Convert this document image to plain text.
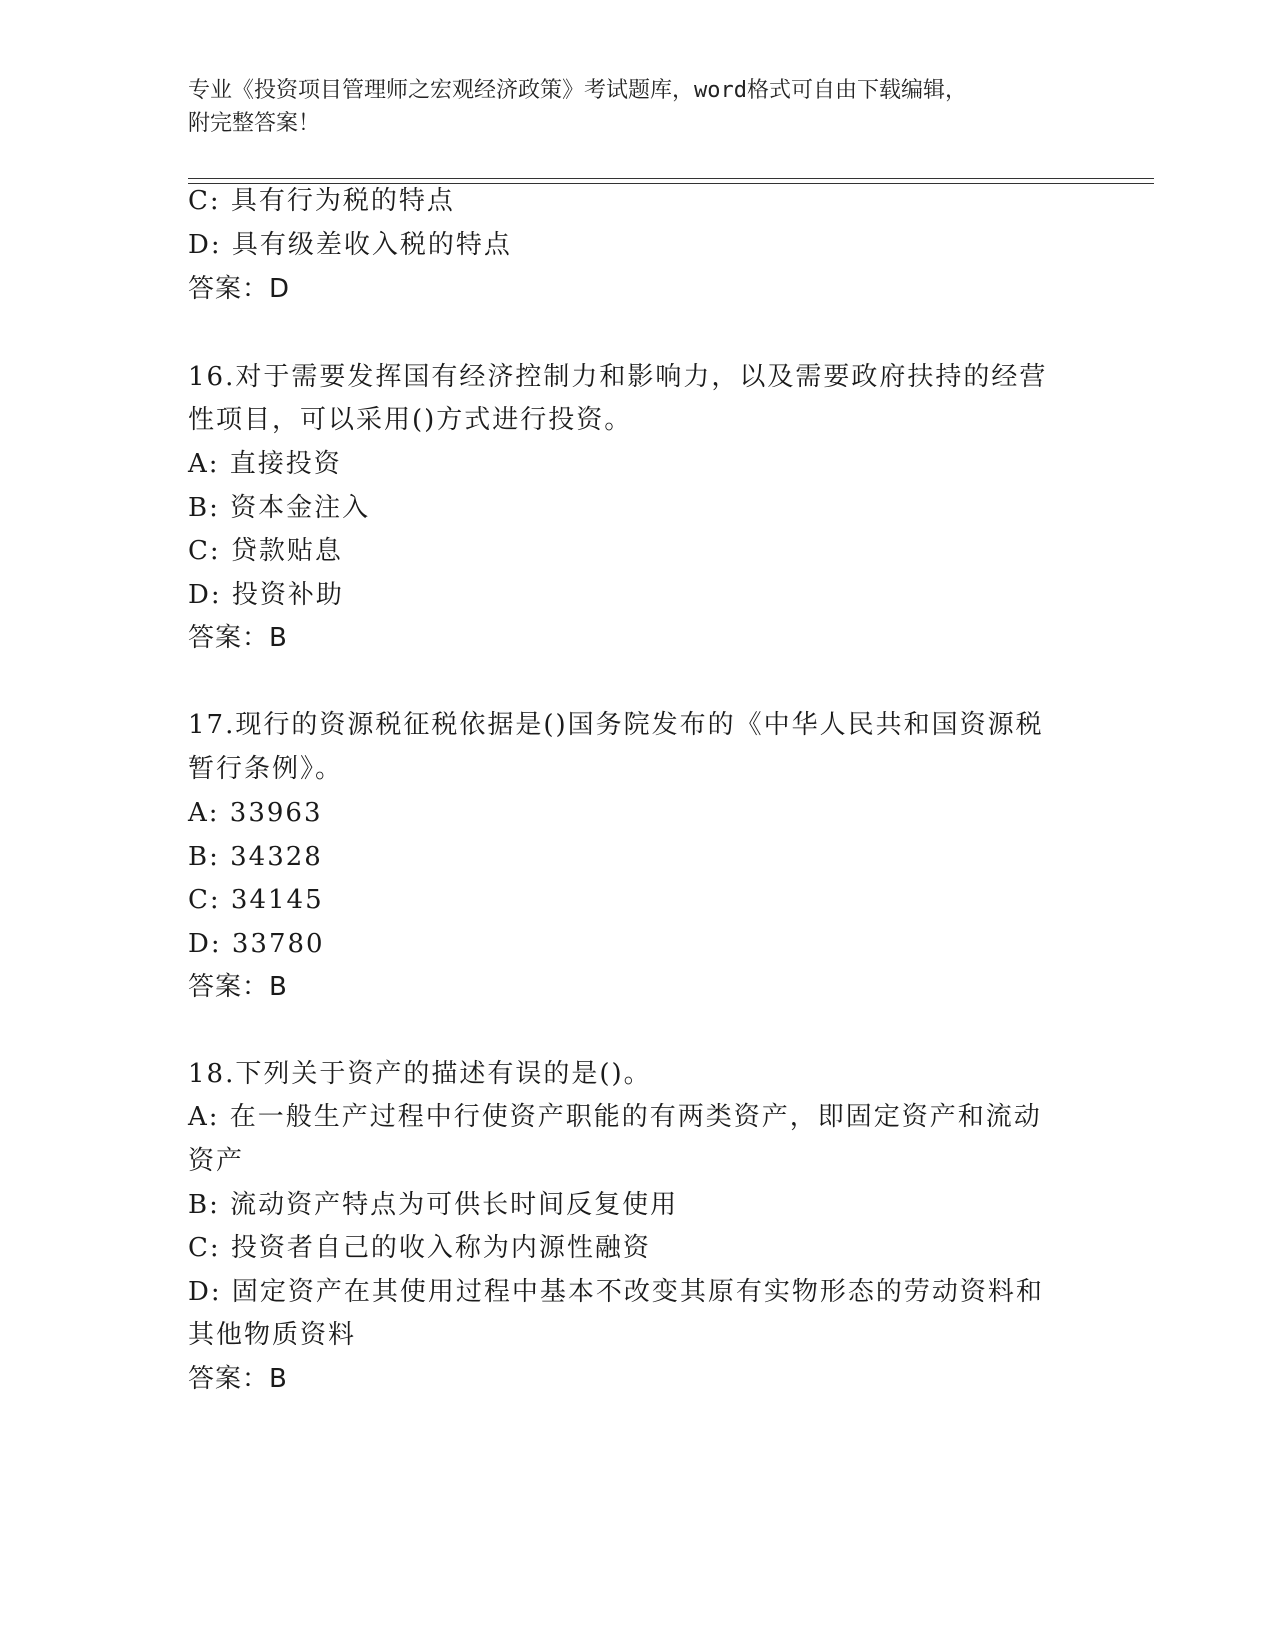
专业《投资项目管理师之宏观经济政策》考试题库，word格式可自由下载编辑，
附完整答案！
C: 具有行为税的特点
D: 具有级差收入税的特点
答案：D
16.对于需要发挥国有经济控制力和影响力，以及需要政府扶持的经营
性项目，可以采用()方式进行投资。
A: 直接投资
B: 资本金注入
C: 贷款贴息
D: 投资补助
答案：B
17.现行的资源税征税依据是()国务院发布的《中华人民共和国资源税
暂行条例》。
A: 33963
B: 34328
C: 34145
D: 33780
答案：B
18.下列关于资产的描述有误的是()。
A: 在一般生产过程中行使资产职能的有两类资产，即固定资产和流动
资产
B: 流动资产特点为可供长时间反复使用
C: 投资者自己的收入称为内源性融资
D: 固定资产在其使用过程中基本不改变其原有实物形态的劳动资料和
其他物质资料
答案：B
